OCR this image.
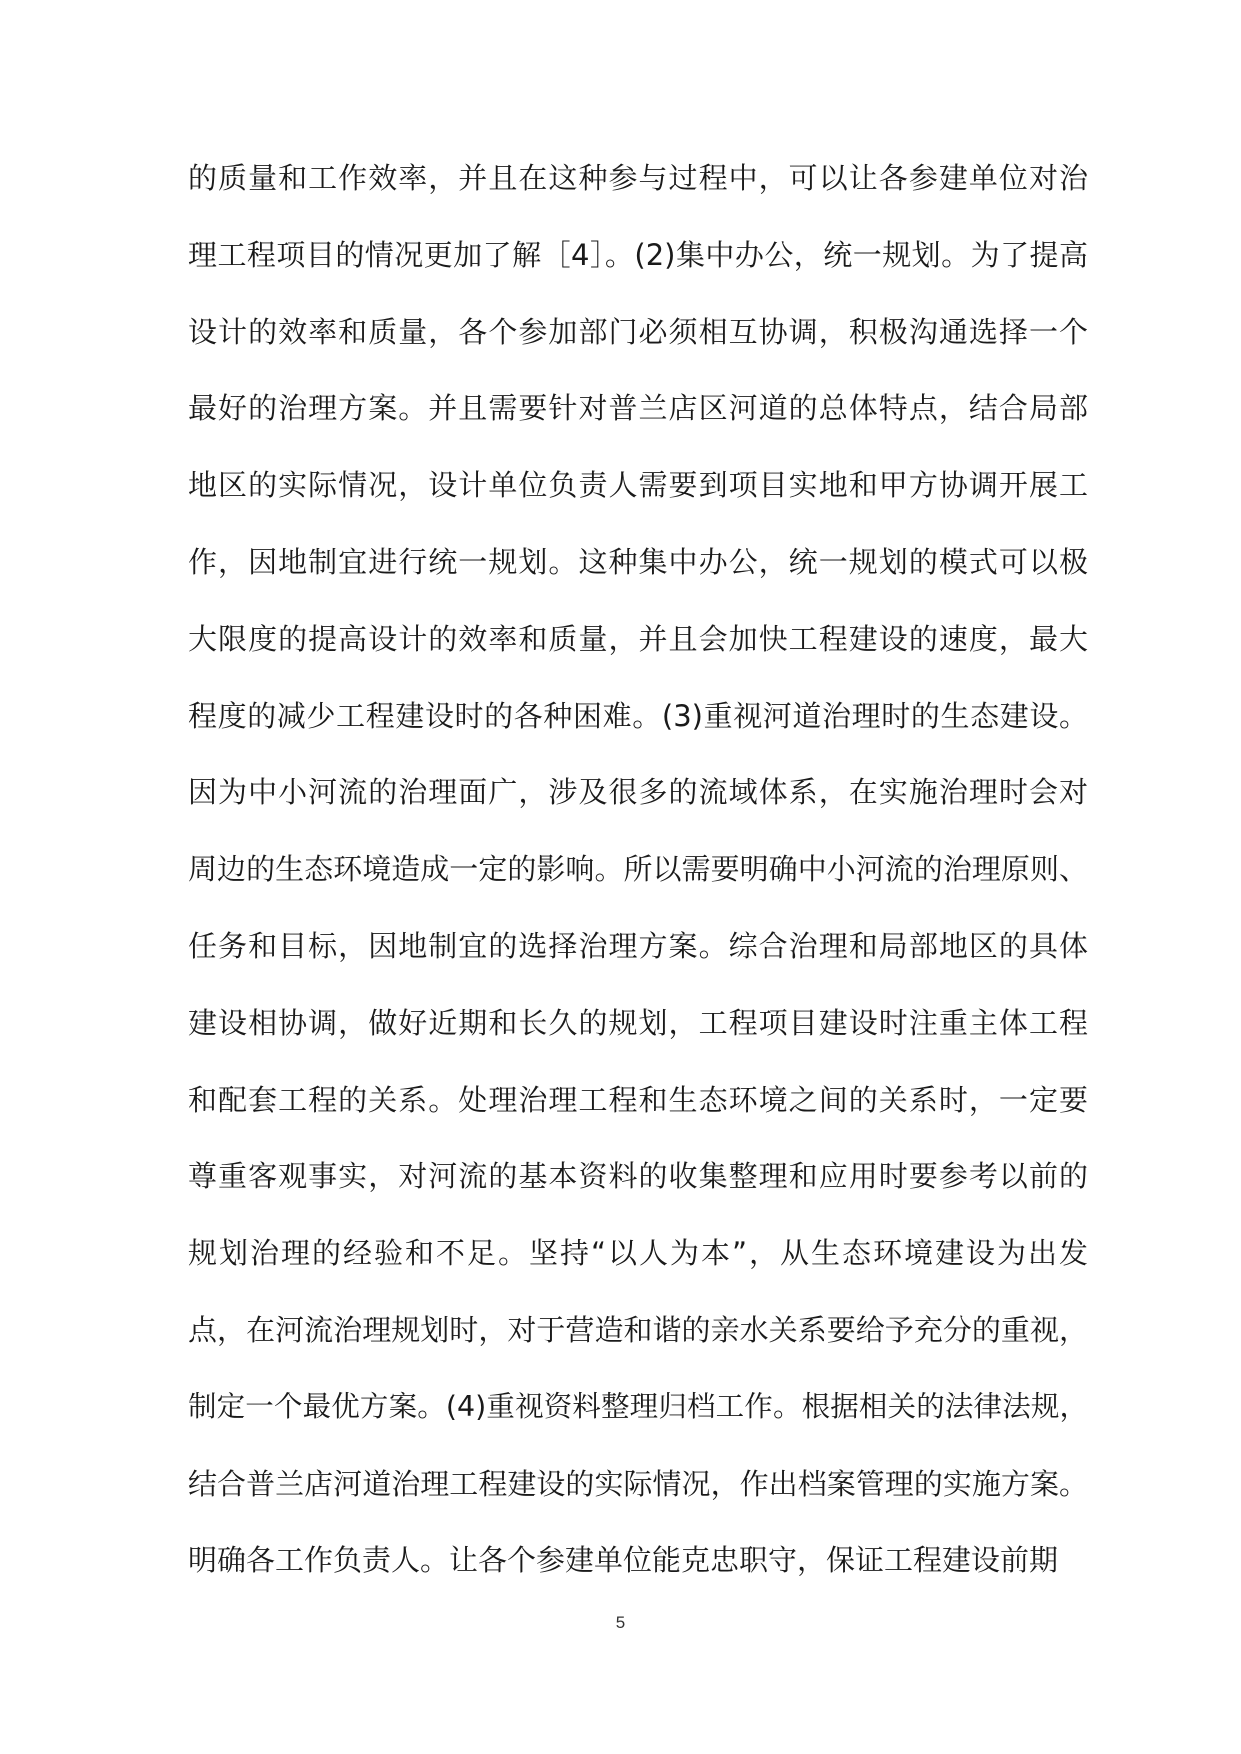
的质量和工作效率，并且在这种参与过程中，可以让各参建单位对治
理工程项目的情况更加了解［4］。(2)集中办公，统一规划。为了提高
设计的效率和质量，各个参加部门必须相互协调，积极沟通选择一个
最好的治理方案。并且需要针对普兰店区河道的总体特点，结合局部
地区的实际情况，设计单位负责人需要到项目实地和甲方协调开展工
作，因地制宜进行统一规划。这种集中办公，统一规划的模式可以极
大限度的提高设计的效率和质量，并且会加快工程建设的速度，最大
程度的减少工程建设时的各种困难。(3)重视河道治理时的生态建设。
因为中小河流的治理面广，涉及很多的流域体系，在实施治理时会对
周边的生态环境造成一定的影响。所以需要明确中小河流的治理原则、
任务和目标，因地制宜的选择治理方案。综合治理和局部地区的具体
建设相协调，做好近期和长久的规划，工程项目建设时注重主体工程
和配套工程的关系。处理治理工程和生态环境之间的关系时，一定要
尊重客观事实，对河流的基本资料的收集整理和应用时要参考以前的
规划治理的经验和不足。坚持“以人为本”，从生态环境建设为出发
点，在河流治理规划时，对于营造和谐的亲水关系要给予充分的重视，
制定一个最优方案。(4)重视资料整理归档工作。根据相关的法律法规，
结合普兰店河道治理工程建设的实际情况，作出档案管理的实施方案。
明确各工作负责人。让各个参建单位能克忠职守，保证工程建设前期
5
